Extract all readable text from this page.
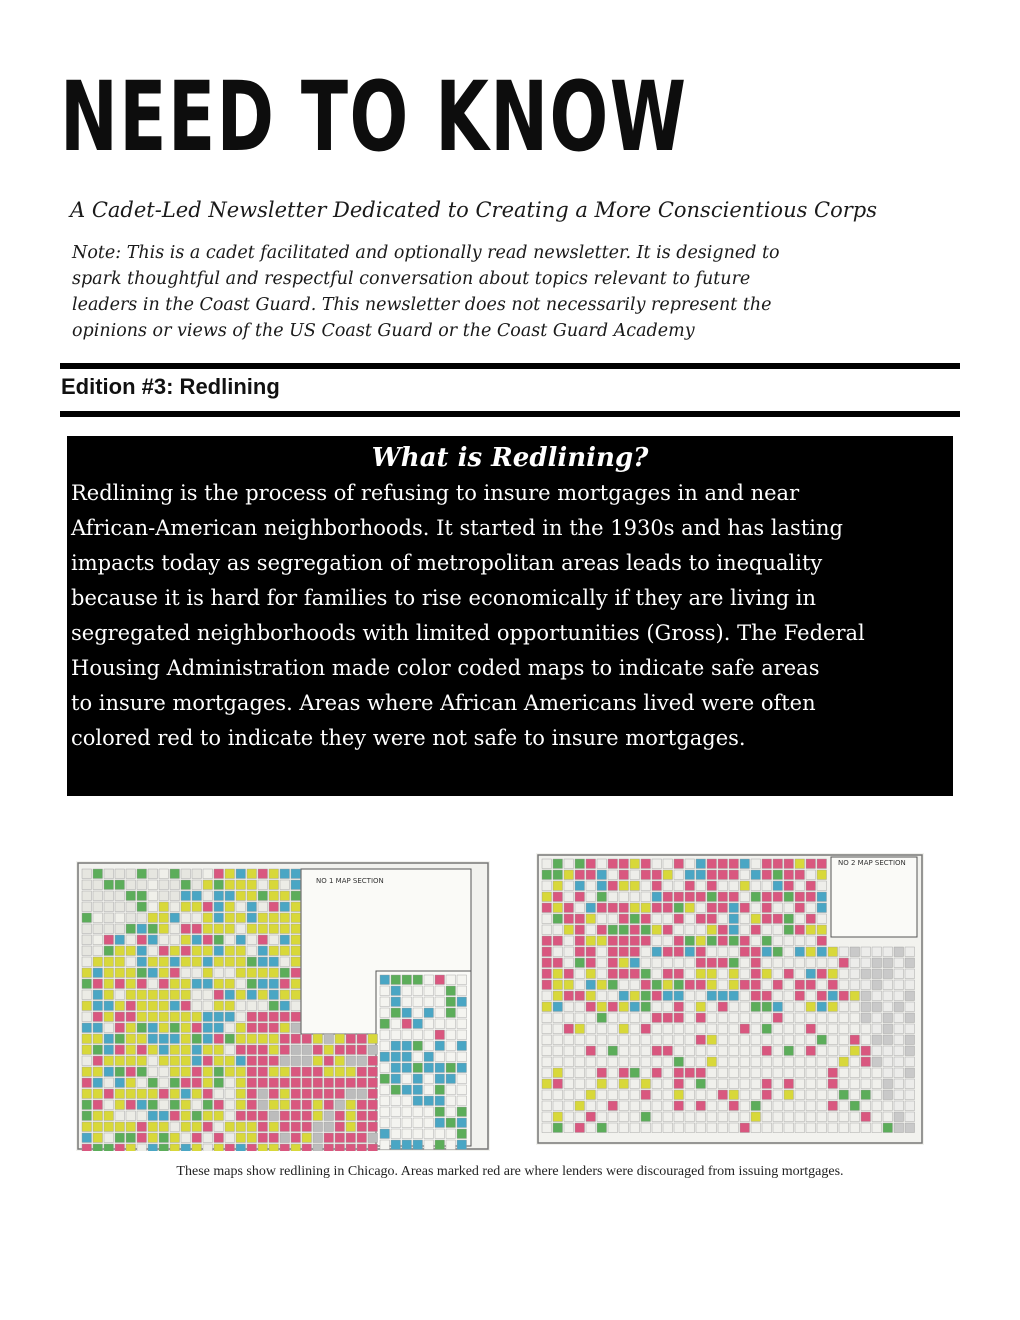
NEED TO KNOW
A Cadet-Led Newsletter Dedicated to Creating a More Conscientious Corps
Note: This is a cadet facilitated and optionally read newsletter. It is designed to
spark thoughtful and respectful conversation about topics relevant to future
leaders in the Coast Guard. This newsletter does not necessarily represent the
opinions or views of the US Coast Guard or the Coast Guard Academy
Edition #3: Redlining
What is Redlining?
Redlining is the process of refusing to insure mortgages in and near
African-American neighborhoods. It started in the 1930s and has lasting
impacts today as segregation of metropolitan areas leads to inequality
because it is hard for families to rise economically if they are living in
segregated neighborhoods with limited opportunities (Gross). The Federal
Housing Administration made color coded maps to indicate safe areas
to insure mortgages. Areas where African Americans lived were often
colored red to indicate they were not safe to insure mortgages.
NO 1 MAP SECTION
NO 2 MAP SECTION
These maps show redlining in Chicago. Areas marked red are where lenders were discouraged from issuing mortgages.
